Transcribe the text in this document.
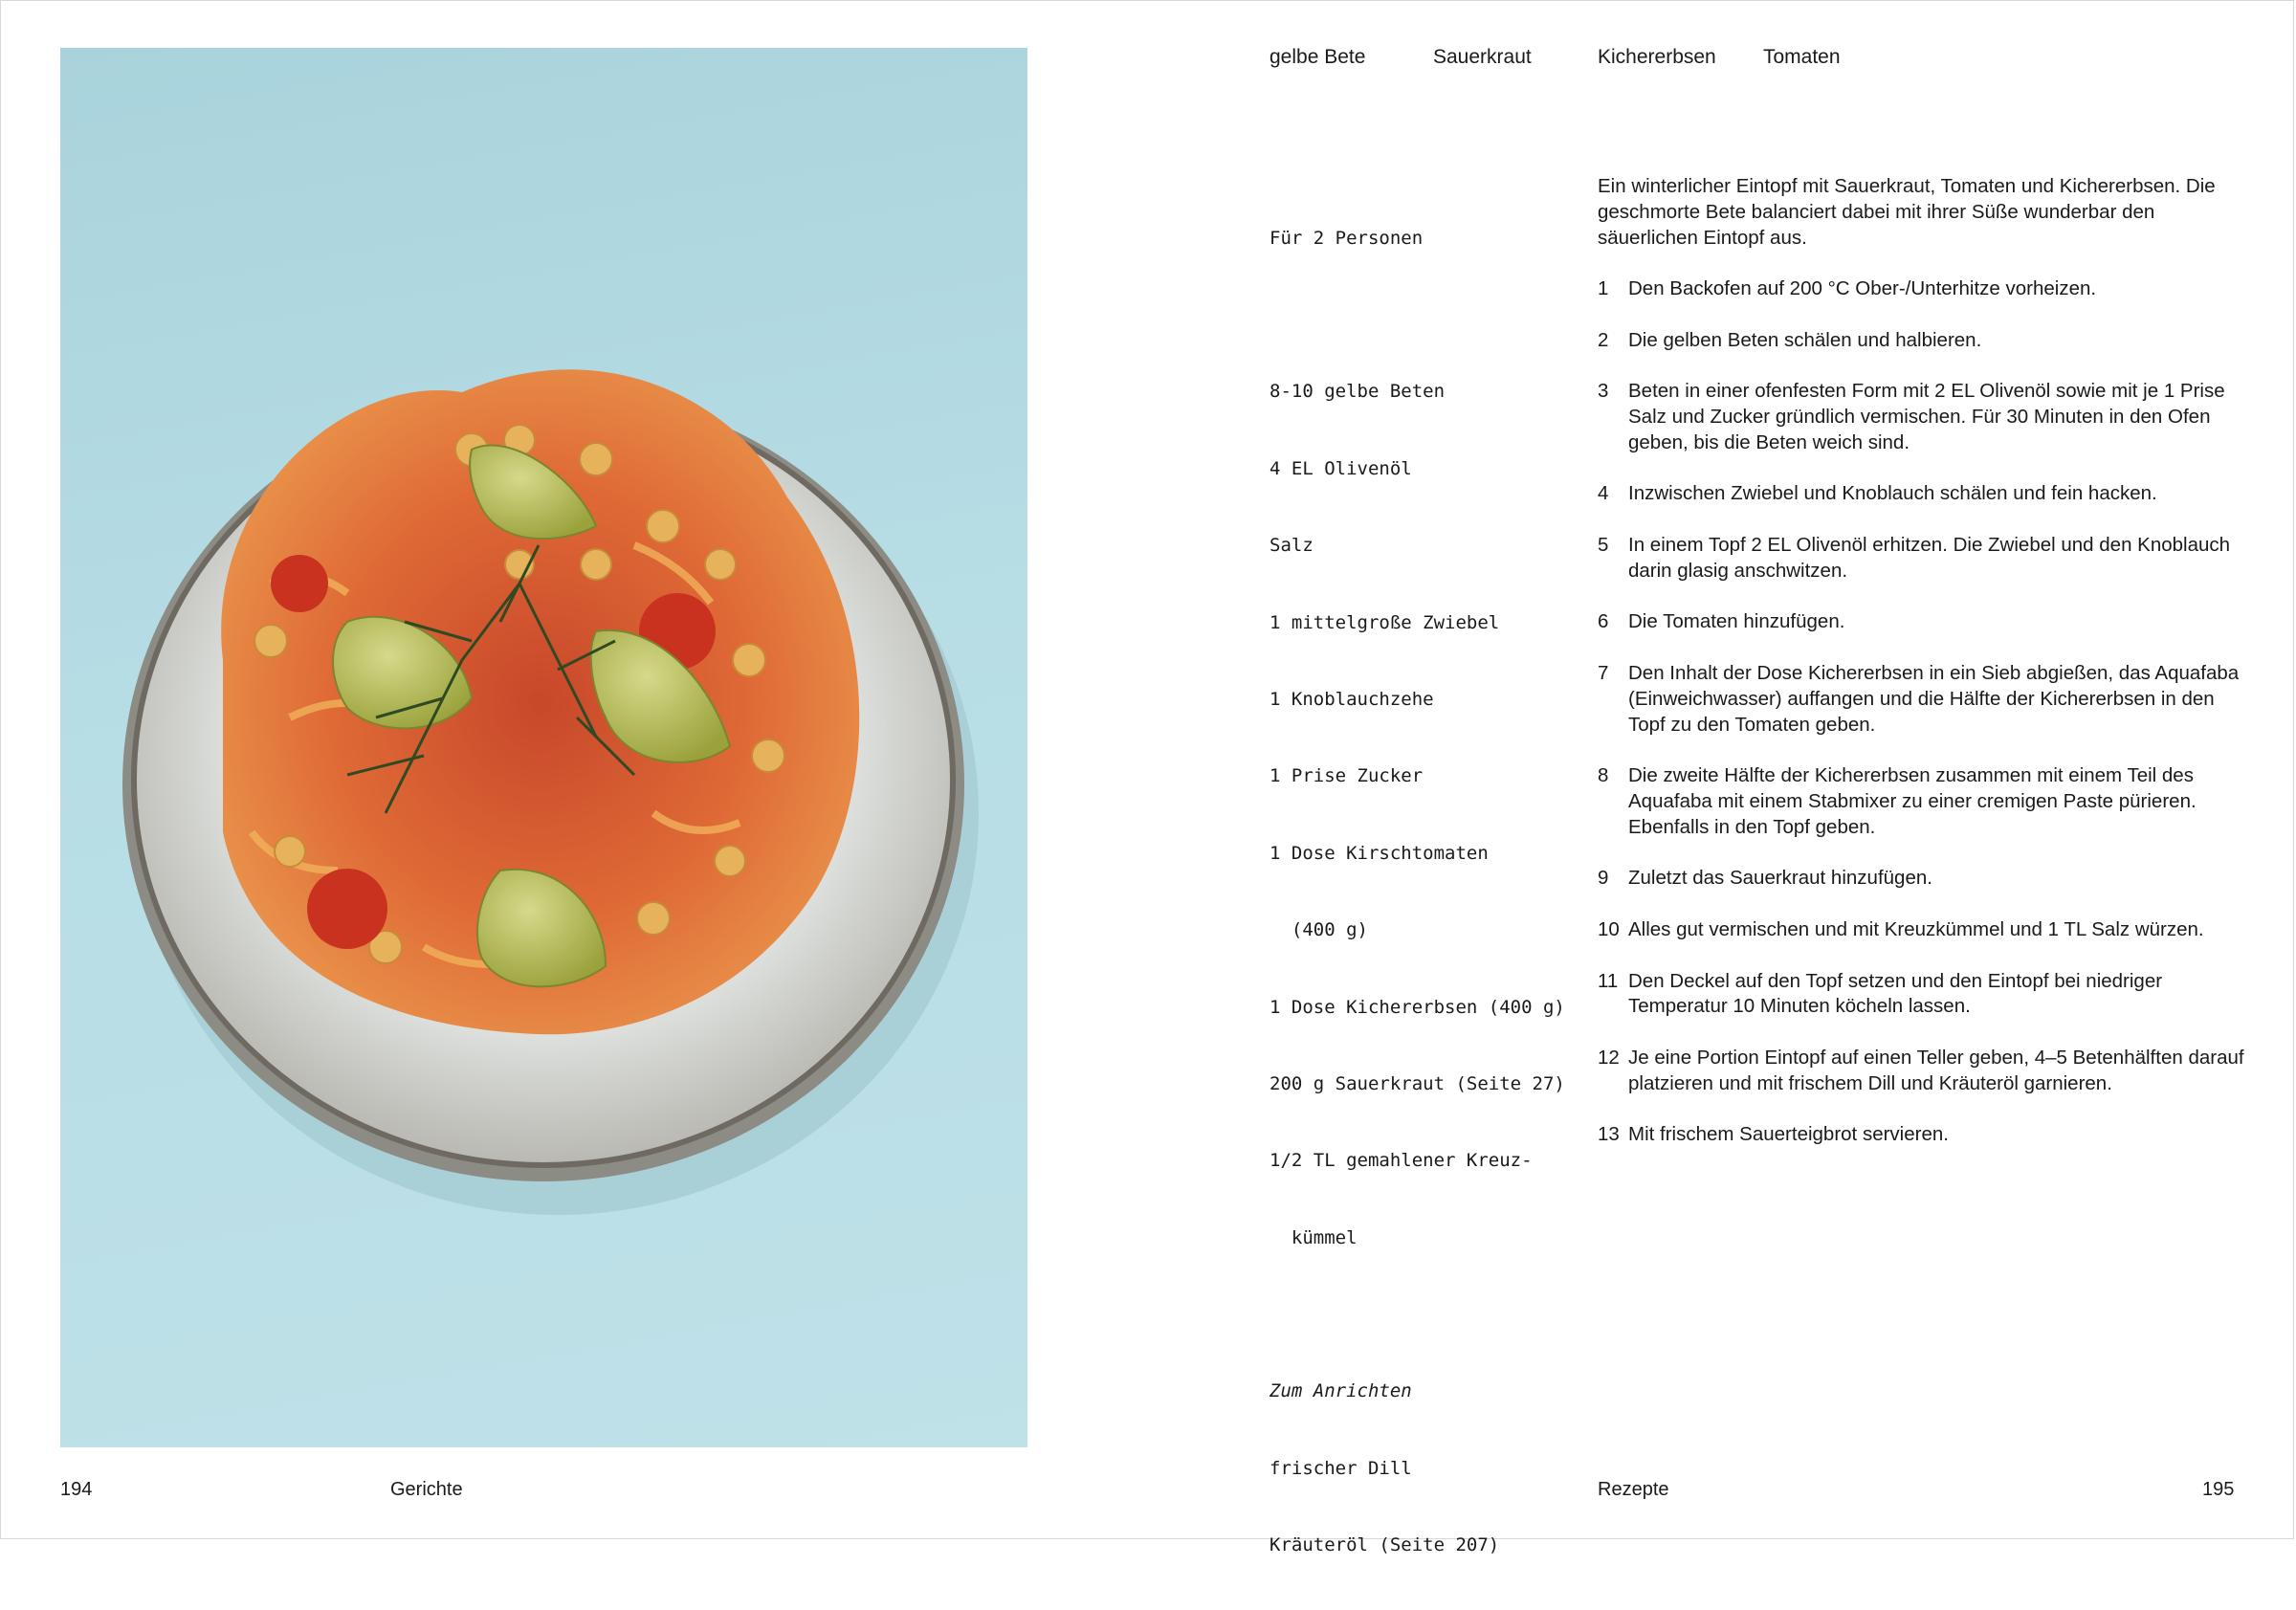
194	Gerichte
gelbe Bete	Sauerkraut	Kichererbsen Tomaten

Für 2 Personen

8-10 gelbe Beten

4 EL Olivenöl

Salz

1 mittelgroße Zwiebel

1 Knoblauchzehe

1 Prise Zucker

1 Dose Kirschtomaten

(400 g)

1 Dose Kichererbsen (400 g)

200 g Sauerkraut (Seite 27)

1/2 TL gemahlener Kreuz-

kümmel

Zum Anrichten

frischer Dill

Kräuteröl (Seite 207)

Ein winterlicher Eintopf mit Sauerkraut, Tomaten und Kichererbsen. Die geschmorte Bete balanciert dabei mit ihrer Süße wunderbar den säuerlichen Eintopf aus.
1 Den Backofen auf 200 °C Ober-/Unterhitze vorheizen.
2 Die gelben Beten schälen und halbieren.
3 Beten in einer ofenfesten Form mit 2 EL Olivenöl sowie mit je 1 Prise Salz und Zucker gründlich vermischen. Für 30 Minuten in den Ofen geben, bis die Beten weich sind.
4 Inzwischen Zwiebel und Knoblauch schälen und fein hacken.
5 In einem Topf 2 EL Olivenöl erhitzen. Die Zwiebel und den Knoblauch darin glasig anschwitzen.
6 Die Tomaten hinzufügen.
7 Den Inhalt der Dose Kichererbsen in ein Sieb abgießen, das Aquafaba (Einweichwasser) auffangen und die Hälfte der Kichererbsen in den Topf zu den Tomaten geben.
8 Die zweite Hälfte der Kichererbsen zusammen mit einem Teil des Aquafaba mit einem Stabmixer zu einer cremigen Paste pürieren. Ebenfalls in den Topf geben.
9 Zuletzt das Sauerkraut hinzufügen.
10 Alles gut vermischen und mit Kreuzkümmel und 1 TL Salz würzen.
11 Den Deckel auf den Topf setzen und den Eintopf bei niedriger Temperatur 10 Minuten köcheln lassen.
12 Je eine Portion Eintopf auf einen Teller geben, 4–5 Betenhälften darauf platzieren und mit frischem Dill und Kräuteröl garnieren.
13 Mit frischem Sauerteigbrot servieren.
Rezepte	195
